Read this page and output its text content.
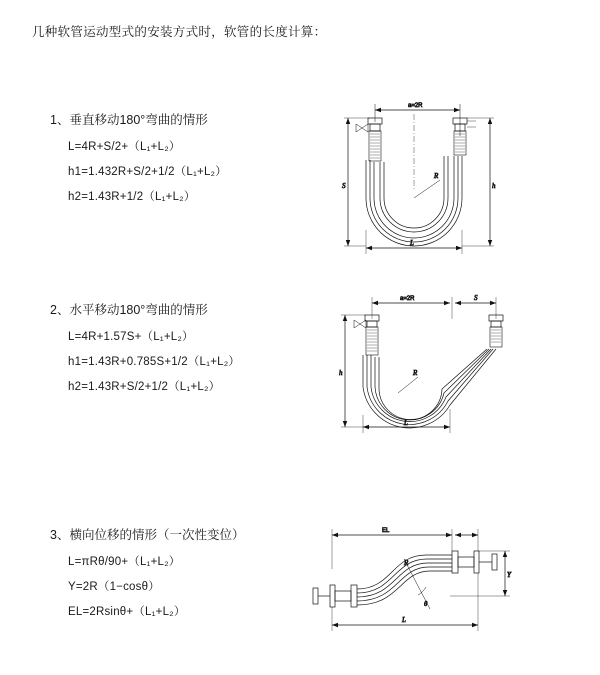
几种软管运动型式的安装方式时，软管的长度计算：
1、垂直移动180°弯曲的情形
L=4R+S/2+（L₁+L₂）
h1=1.432R+S/2+1/2（L₁+L₂）
h2=1.43R+1/2（L₁+L₂）
a=2R
R
L
S	h
2、水平移动180°弯曲的情形
L=4R+1.57S+（L₁+L₂）
h1=1.43R+0.785S+1/2（L₁+L₂）
h2=1.43R+S/2+1/2（L₁+L₂）
a=2R	S
R
h
L
3、横向位移的情形（一次性变位）
L=πRθ/90+（L₁+L₂）
Y=2R（1−cosθ）
EL=2Rsinθ+（L₁+L₂）
EL
θ
R
Y
L
